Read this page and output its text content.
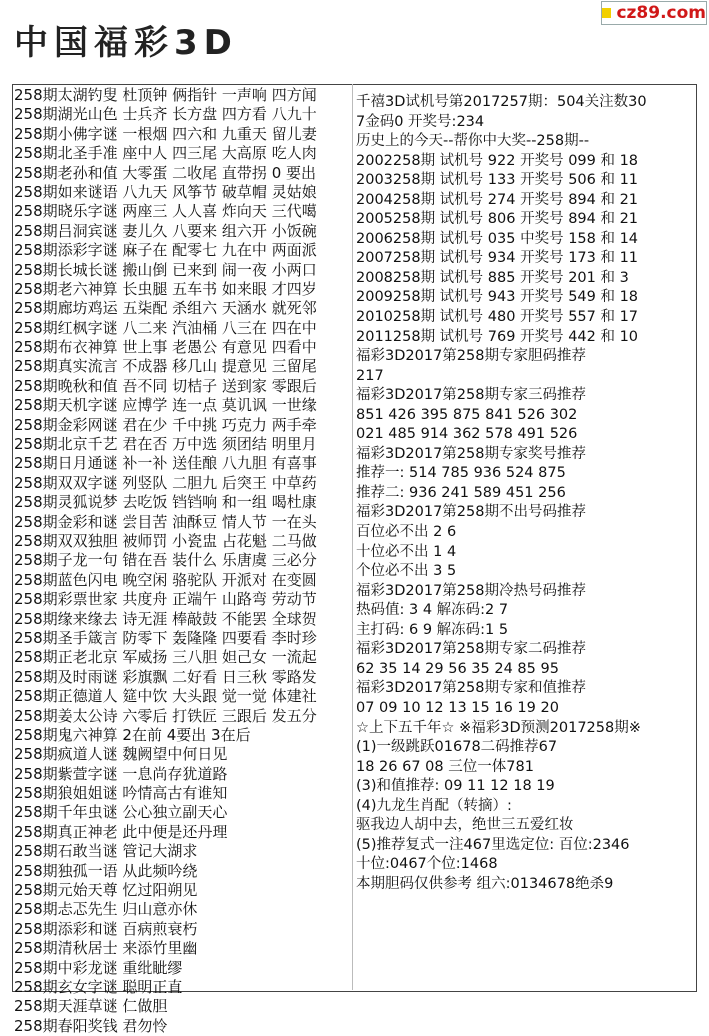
中国福彩3D
cz89.com
258期太湖钓叟 杜顶钟 俩指针 一声响 四方闻
258期湖光山色 士兵齐 长方盘 四方看 八九十
258期小佛字谜 一根烟 四六和 九重天 留儿妻
258期北圣手准 座中人 四三尾 大高原 吃人肉
258期老孙和值 大零蛋 二收尾 直带拐 0 要出
258期如来谜语 八九天 风筝节 破草帽 灵姑娘
258期晓乐字谜 两座三 人人喜 炸向天 三代噶
258期吕洞宾谜 妻儿久 八要来 组六开 小饭碗
258期添彩字谜 麻子在 配零七 九在中 两面派
258期长城长谜 搬山倒 已来到 闹一夜 小两口
258期老六神算 长虫腿 五车书 如来眼 才四岁
258期廊坊鸡运 五柒配 杀组六 天涵水 就死邻
258期红枫字谜 八二来 汽油桶 八三在 四在中
258期布衣神算 世上事 老愚公 有意见 四看中
258期真实流言 不成器 移几山 提意见 三留尾
258期晚秋和值 吾不同 切桔子 送到家 零跟后
258期天机字谜 应博学 连一点 莫讥讽 一世缘
258期金彩网谜 君在少 千中挑 巧克力 两手牵
258期北京千艺 君在否 万中选 须团结 明里月
258期日月通谜 补一补 送佳酿 八九胆 有喜事
258期双双字谜 列竖队 二胆九 后突王 中草药
258期灵狐说梦 去吃饭 铛铛响 和一组 喝杜康
258期金彩和谜 尝目苦 油酥豆 情人节 一在头
258期双双独胆 被师罚 小瓷盅 占花魁 二马做
258期子龙一句 错在吾 装什么 乐唐虞 三必分
258期蓝色闪电 晚空闲 骆驼队 开派对 在变圆
258期彩票世家 共度舟 正端午 山路弯 劳动节
258期缘来缘去 诗无涯 棒敲鼓 不能罢 全球贺
258期圣手箴言 防零下 轰隆隆 四要看 李时珍
258期正老北京 军威扬 三八胆 妲己女 一流起
258期及时雨谜 彩旗飘 二好看 日三秋 零路发
258期正德道人 筵中饮 大头跟 觉一觉 体建社
258期姜太公诗 六零后 打铁匠 三跟后 发五分
258期鬼六神算 2在前 4要出 3在后
258期疯道人谜 魏阙望中何日见
258期紫萱字谜 一息尚存犹道路
258期狼姐姐谜 吟情高古有谁知
258期千年虫谜 公心独立副天心
258期真正神老 此中便是还丹理
258期石敢当谜 管记大湖求
258期独孤一语 从此频吟绕
258期元始天尊 忆过阳朔见
258期忐忑先生 归山意亦休
258期添彩和谜 百病煎衰朽
258期清秋居士 来添竹里幽
258期中彩龙谜 重纰眦缪
258期玄女字谜 聪明正直
258期天涯草谜 仁做胆
258期春阳奖钱 君勿怜
千禧3D试机号第2017257期：504关注数30
7金码0 开奖号:234
历史上的今天--帮你中大奖--258期--
2002258期 试机号 922 开奖号 099 和 18
2003258期 试机号 133 开奖号 506 和 11
2004258期 试机号 274 开奖号 894 和 21
2005258期 试机号 806 开奖号 894 和 21
2006258期 试机号 035 中奖号 158 和 14
2007258期 试机号 934 开奖号 173 和 11
2008258期 试机号 885 开奖号 201 和 3
2009258期 试机号 943 开奖号 549 和 18
2010258期 试机号 480 开奖号 557 和 17
2011258期 试机号 769 开奖号 442 和 10
福彩3D2017第258期专家胆码推荐
217
福彩3D2017第258期专家三码推荐
851 426 395 875 841 526 302
021 485 914 362 578 491 526
福彩3D2017第258期专家奖号推荐
推荐一: 514 785 936 524 875
推荐二: 936 241 589 451 256
福彩3D2017第258期不出号码推荐
百位必不出 2 6
十位必不出 1 4
个位必不出 3 5
福彩3D2017第258期冷热号码推荐
热码值: 3 4 解冻码:2 7
主打码: 6 9 解冻码:1 5
福彩3D2017第258期专家二码推荐
62 35 14 29 56 35 24 85 95
福彩3D2017第258期专家和值推荐
07 09 10 12 13 15 16 19 20
☆上下五千年☆ ※福彩3D预测2017258期※
(1)一级跳跃01678二码推荐67
18 26 67 08 三位一体781
(3)和值推荐: 09 11 12 18 19
(4)九龙生肖配（转摘）:
驱我边人胡中去，绝世三五爱红妆
(5)推荐复式一注467里选定位: 百位:2346
十位:0467个位:1468
本期胆码仅供参考 组六:0134678绝杀9
